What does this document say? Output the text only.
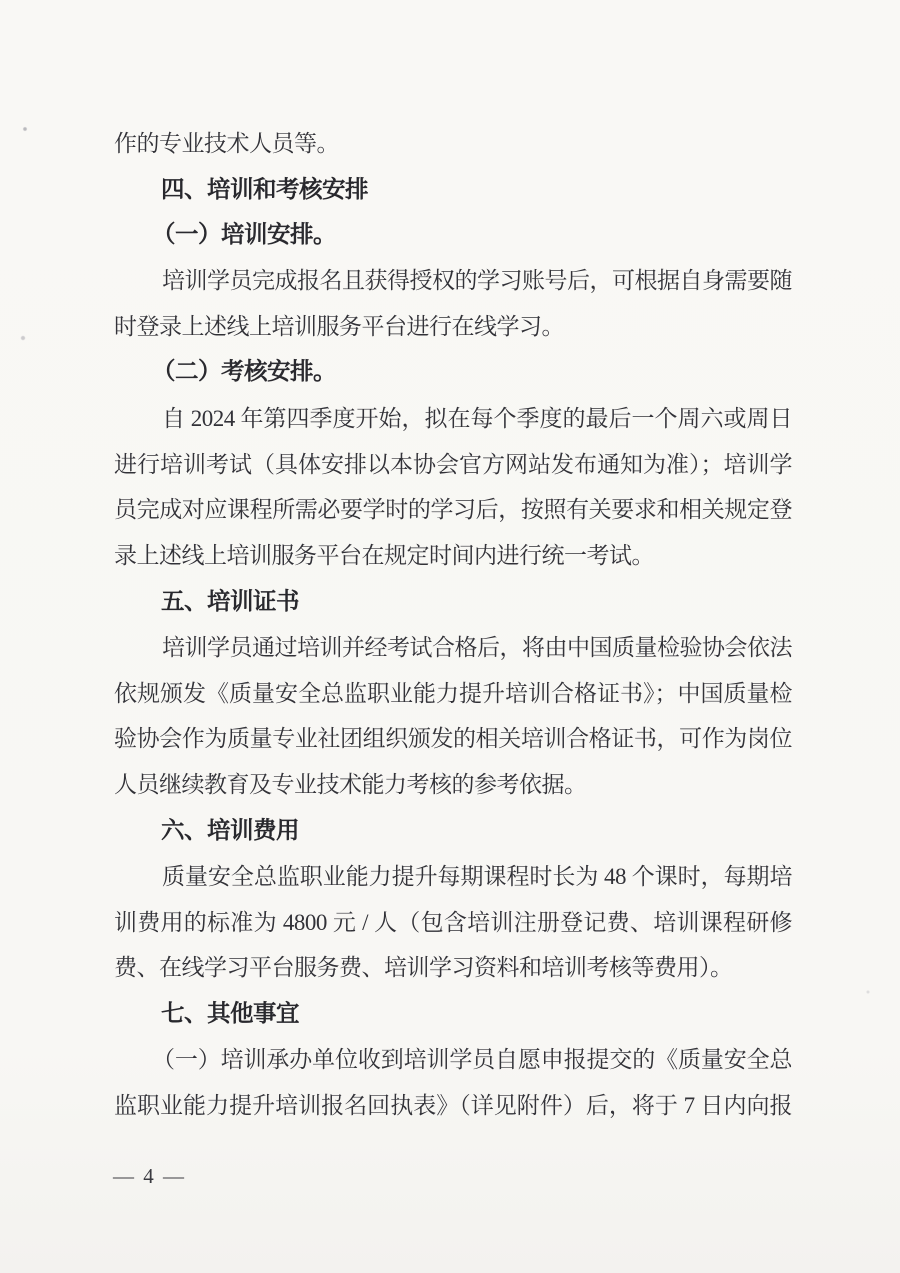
作的专业技术人员等。
四、培训和考核安排
（一）培训安排。
培训学员完成报名且获得授权的学习账号后，可根据自身需要随
时登录上述线上培训服务平台进行在线学习。
（二）考核安排。
自 2024 年第四季度开始，拟在每个季度的最后一个周六或周日
进行培训考试（具体安排以本协会官方网站发布通知为准）；培训学
员完成对应课程所需必要学时的学习后，按照有关要求和相关规定登
录上述线上培训服务平台在规定时间内进行统一考试。
五、培训证书
培训学员通过培训并经考试合格后，将由中国质量检验协会依法
依规颁发《质量安全总监职业能力提升培训合格证书》；中国质量检
验协会作为质量专业社团组织颁发的相关培训合格证书，可作为岗位
人员继续教育及专业技术能力考核的参考依据。
六、培训费用
质量安全总监职业能力提升每期课程时长为 48 个课时，每期培
训费用的标准为 4800 元 / 人（包含培训注册登记费、培训课程研修
费、在线学习平台服务费、培训学习资料和培训考核等费用）。
七、其他事宜
（一）培训承办单位收到培训学员自愿申报提交的《质量安全总
监职业能力提升培训报名回执表》（详见附件）后，将于 7 日内向报
— 4 —
